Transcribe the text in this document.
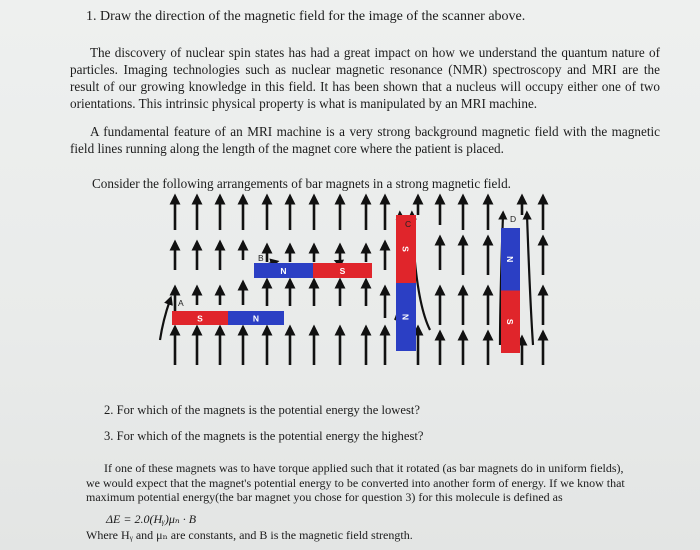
1. Draw the direction of the magnetic field for the image of the scanner above.
The discovery of nuclear spin states has had a great impact on how we understand the quantum nature of particles. Imaging technologies such as nuclear magnetic resonance (NMR) spectroscopy and MRI are the result of our growing knowledge in this field. It has been shown that a nucleus will occupy either one of two orientations. This intrinsic physical property is what is manipulated by an MRI machine.
A fundamental feature of an MRI machine is a very strong background magnetic field with the magnetic field lines running along the length of the magnet core where the patient is placed.
Consider the following arrangements of bar magnets in a strong magnetic field.
S	N
A
N	S
B
S
N
C
N
S
D
2. For which of the magnets is the potential energy the lowest?
3. For which of the magnets is the potential energy the highest?
If one of these magnets was to have torque applied such that it rotated (as bar magnets do in uniform fields), we would expect that the magnet's potential energy to be converted into another form of energy. If we know that maximum potential energy(the bar magnet you chose for question 3) for this molecule is defined as
ΔE = 2.0(Hᵧ)μₙ · B
Where Hᵧ and μₙ are constants, and B is the magnetic field strength.
